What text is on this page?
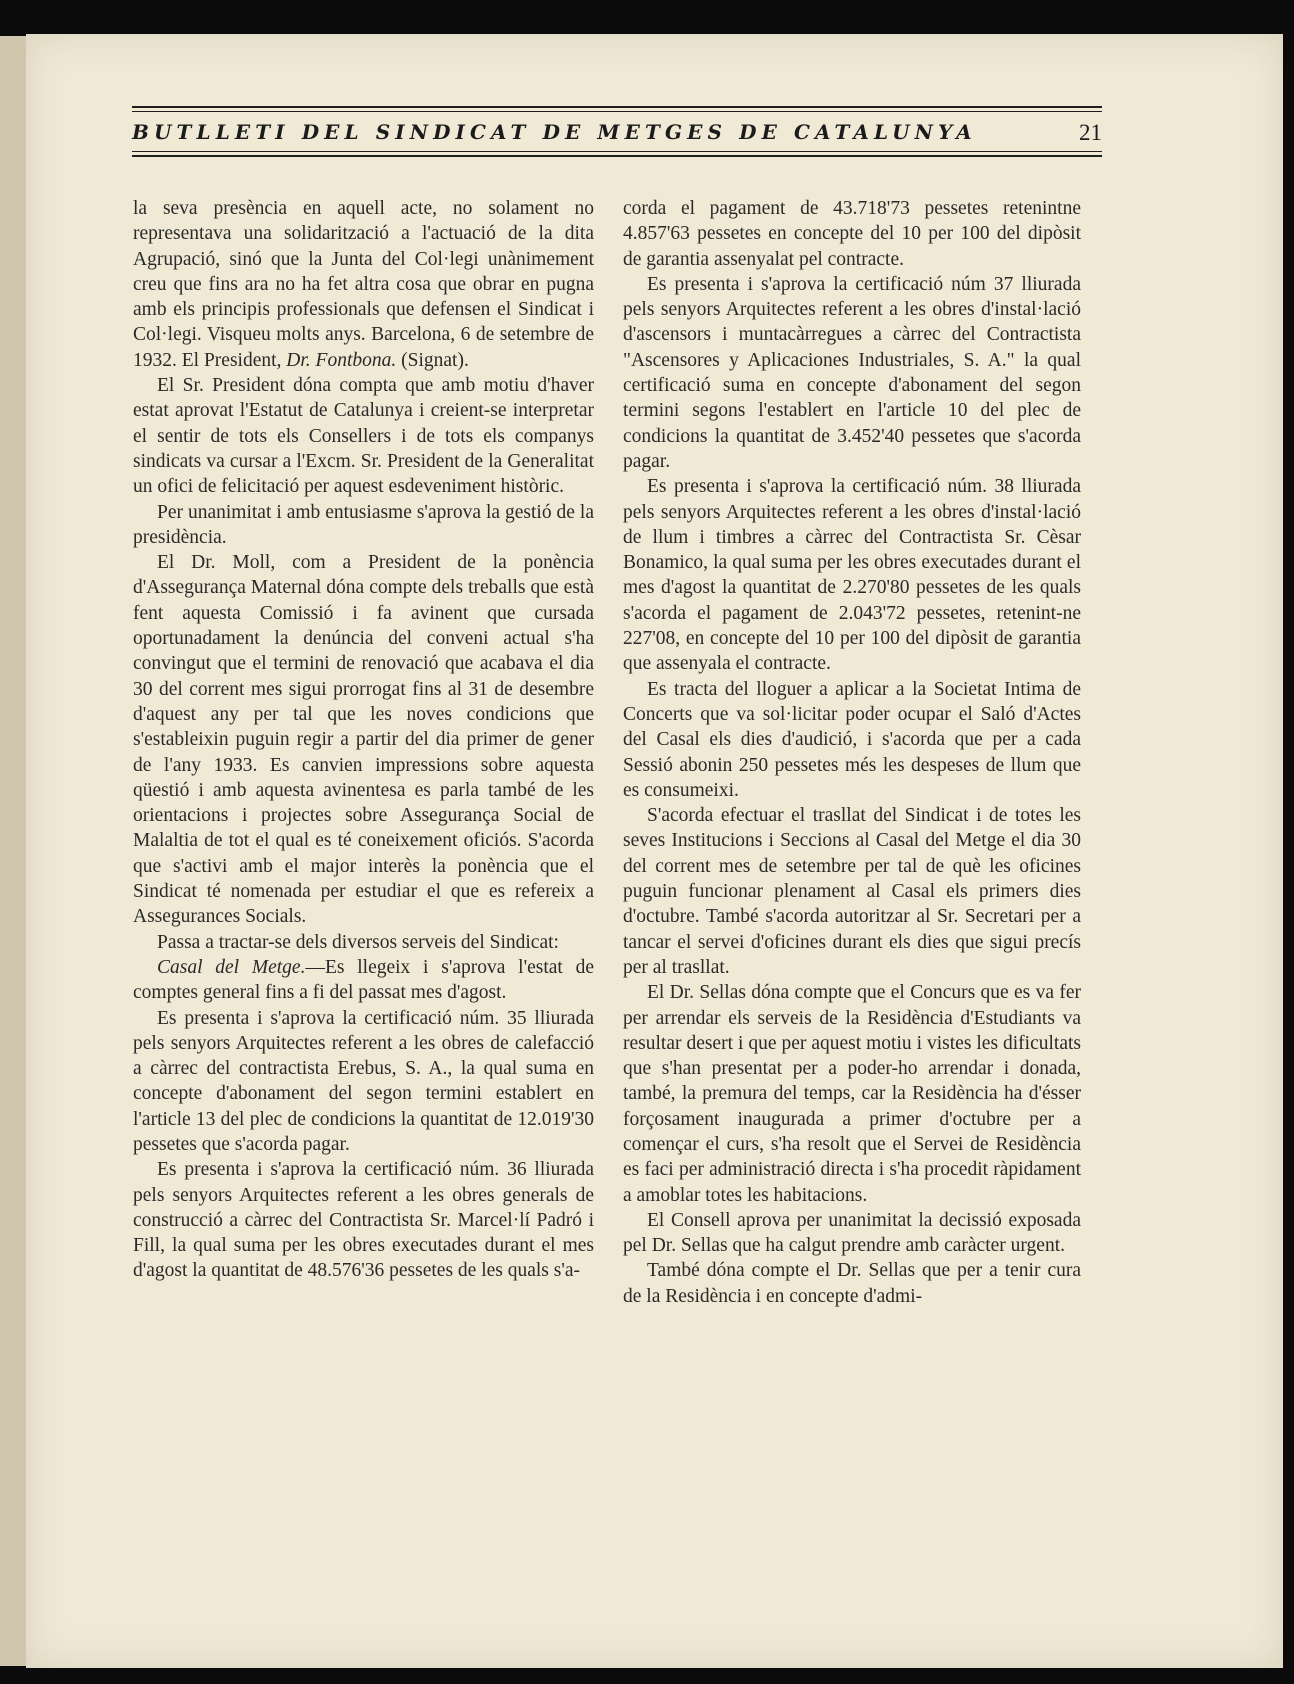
BUTLLETI DEL SINDICAT DE METGES DE CATALUNYA	21

la seva presència en aquell acte, no solament no representava una solidarització a l'actuació de la dita Agrupació, sinó que la Junta del Col·legi unànimement creu que fins ara no ha fet altra cosa que obrar en pugna amb els principis professionals que defensen el Sindicat i Col·legi. Visqueu molts anys. Barcelona, 6 de setembre de 1932. El President, Dr. Fontbona. (Signat).

El Sr. President dóna compta que amb motiu d'haver estat aprovat l'Estatut de Catalunya i creient-se interpretar el sentir de tots els Consellers i de tots els companys sindicats va cursar a l'Excm. Sr. President de la Generalitat un ofici de felicitació per aquest esdeveniment històric.

Per unanimitat i amb entusiasme s'aprova la gestió de la presidència.

El Dr. Moll, com a President de la ponència d'Assegurança Maternal dóna compte dels treballs que està fent aquesta Comissió i fa avinent que cursada oportunadament la denúncia del conveni actual s'ha convingut que el termini de renovació que acabava el dia 30 del corrent mes sigui prorrogat fins al 31 de desembre d'aquest any per tal que les noves condicions que s'estableixin puguin regir a partir del dia primer de gener de l'any 1933. Es canvien impressions sobre aquesta qüestió i amb aquesta avinentesa es parla també de les orientacions i projectes sobre Assegurança Social de Malaltia de tot el qual es té coneixement oficiós. S'acorda que s'activi amb el major interès la ponència que el Sindicat té nomenada per estudiar el que es refereix a Assegurances Socials.

Passa a tractar-se dels diversos serveis del Sindicat:

Casal del Metge.—Es llegeix i s'aprova l'estat de comptes general fins a fi del passat mes d'agost.

Es presenta i s'aprova la certificació núm. 35 lliurada pels senyors Arquitectes referent a les obres de calefacció a càrrec del contractista Erebus, S. A., la qual suma en concepte d'abonament del segon termini establert en l'article 13 del plec de condicions la quantitat de 12.019'30 pessetes que s'acorda pagar.

Es presenta i s'aprova la certificació núm. 36 lliurada pels senyors Arquitectes referent a les obres generals de construcció a càrrec del Contractista Sr. Marcel·lí Padró i Fill, la qual suma per les obres executades durant el mes d'agost la quantitat de 48.576'36 pessetes de les quals s'a-

corda el pagament de 43.718'73 pessetes retenintne 4.857'63 pessetes en concepte del 10 per 100 del dipòsit de garantia assenyalat pel contracte.

Es presenta i s'aprova la certificació núm 37 lliurada pels senyors Arquitectes referent a les obres d'instal·lació d'ascensors i muntacàrregues a càrrec del Contractista "Ascensores y Aplicaciones Industriales, S. A." la qual certificació suma en concepte d'abonament del segon termini segons l'establert en l'article 10 del plec de condicions la quantitat de 3.452'40 pessetes que s'acorda pagar.

Es presenta i s'aprova la certificació núm. 38 lliurada pels senyors Arquitectes referent a les obres d'instal·lació de llum i timbres a càrrec del Contractista Sr. Cèsar Bonamico, la qual suma per les obres executades durant el mes d'agost la quantitat de 2.270'80 pessetes de les quals s'acorda el pagament de 2.043'72 pessetes, retenint-ne 227'08, en concepte del 10 per 100 del dipòsit de garantia que assenyala el contracte.

Es tracta del lloguer a aplicar a la Societat Intima de Concerts que va sol·licitar poder ocupar el Saló d'Actes del Casal els dies d'audició, i s'acorda que per a cada Sessió abonin 250 pessetes més les despeses de llum que es consumeixi.

S'acorda efectuar el trasllat del Sindicat i de totes les seves Institucions i Seccions al Casal del Metge el dia 30 del corrent mes de setembre per tal de què les oficines puguin funcionar plenament al Casal els primers dies d'octubre. També s'acorda autoritzar al Sr. Secretari per a tancar el servei d'oficines durant els dies que sigui precís per al trasllat.

El Dr. Sellas dóna compte que el Concurs que es va fer per arrendar els serveis de la Residència d'Estudiants va resultar desert i que per aquest motiu i vistes les dificultats que s'han presentat per a poder-ho arrendar i donada, també, la premura del temps, car la Residència ha d'ésser forçosament inaugurada a primer d'octubre per a començar el curs, s'ha resolt que el Servei de Residència es faci per administració directa i s'ha procedit ràpidament a amoblar totes les habitacions.

El Consell aprova per unanimitat la decissió exposada pel Dr. Sellas que ha calgut prendre amb caràcter urgent.

També dóna compte el Dr. Sellas que per a tenir cura de la Residència i en concepte d'admi-
